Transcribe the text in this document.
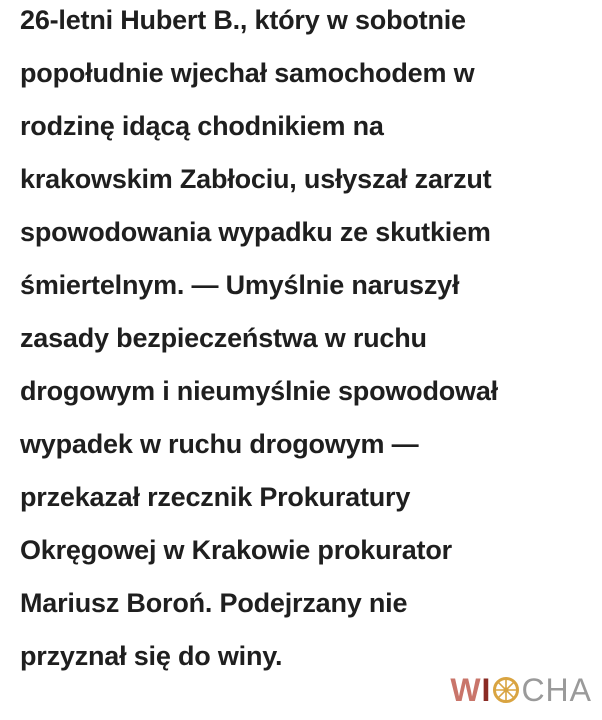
26-letni Hubert B., który w sobotnie
popołudnie wjechał samochodem w
rodzinę idącą chodnikiem na
krakowskim Zabłociu, usłyszał zarzut
spowodowania wypadku ze skutkiem
śmiertelnym. — Umyślnie naruszył
zasady bezpieczeństwa w ruchu
drogowym i nieumyślnie spowodował
wypadek w ruchu drogowym —
przekazał rzecznik Prokuratury
Okręgowej w Krakowie prokurator
Mariusz Boroń. Podejrzany nie
przyznał się do winy.
W I CHA
